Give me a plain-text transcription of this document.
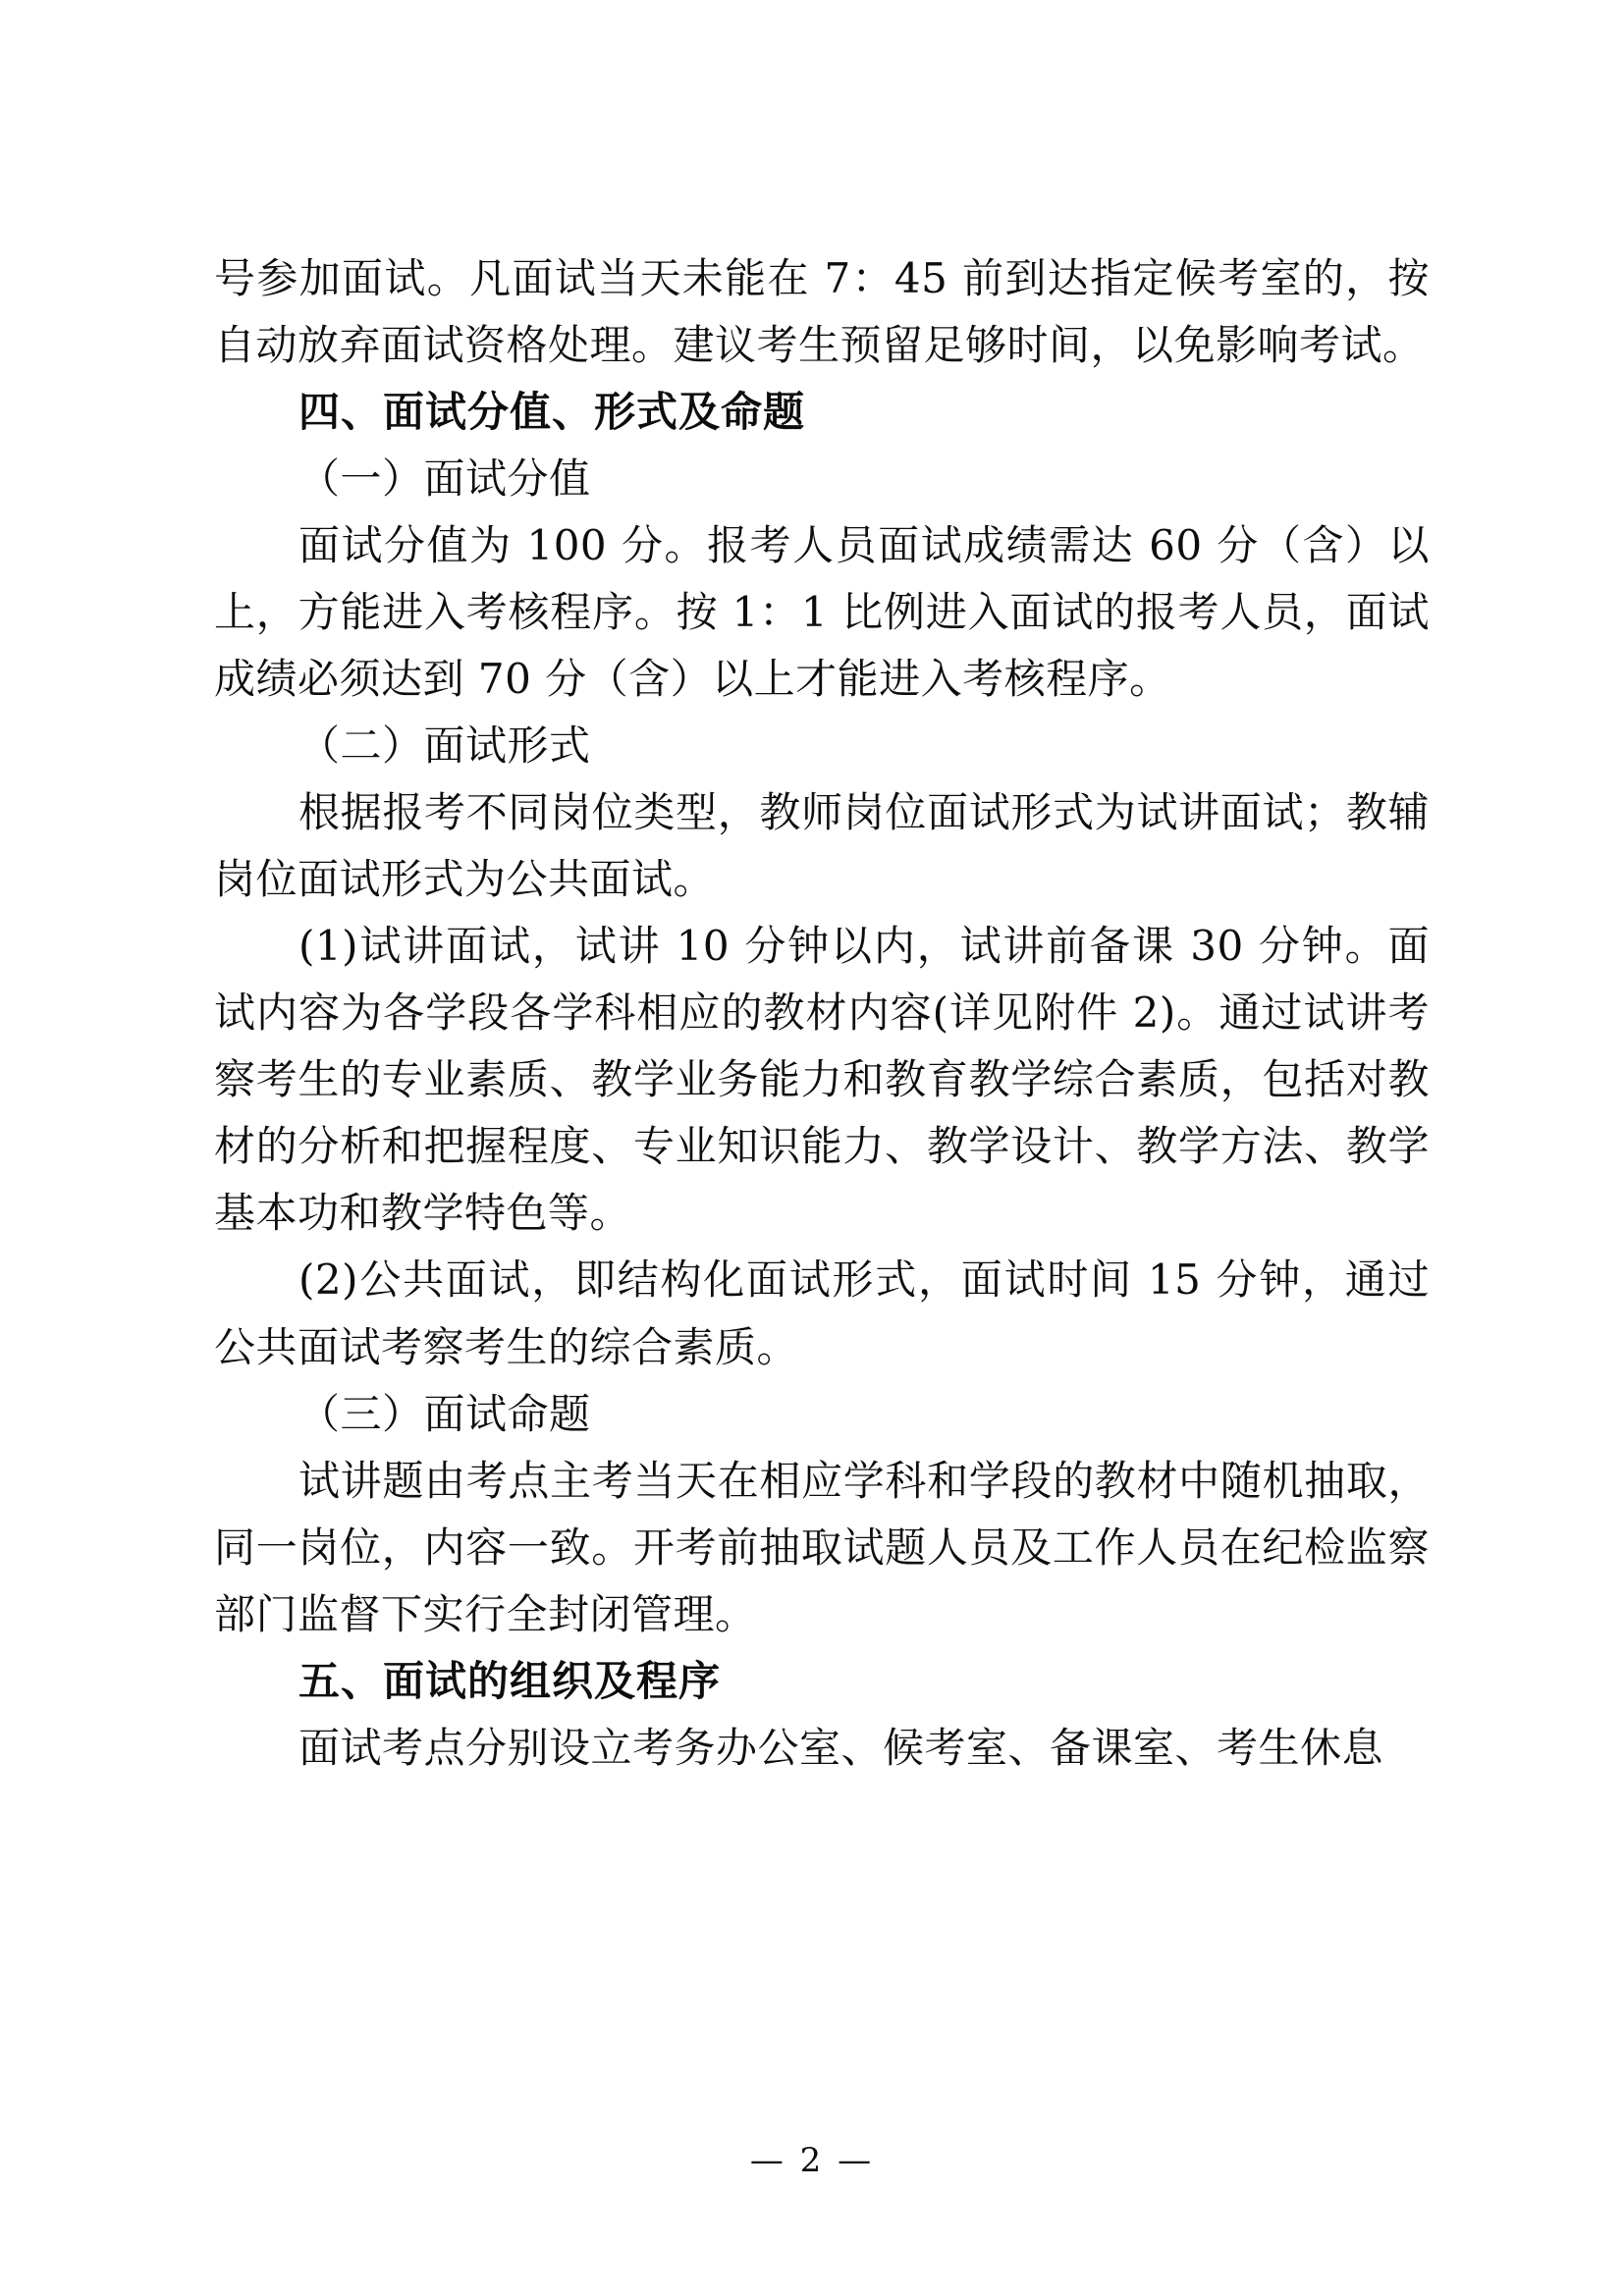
号参加面试。凡面试当天未能在 7：45 前到达指定候考室的，按自动放弃面试资格处理。建议考生预留足够时间，以免影响考试。

四、面试分值、形式及命题

（一）面试分值

面试分值为 100 分。报考人员面试成绩需达 60 分（含）以上，方能进入考核程序。按 1：1 比例进入面试的报考人员，面试成绩必须达到 70 分（含）以上才能进入考核程序。

（二）面试形式

根据报考不同岗位类型，教师岗位面试形式为试讲面试；教辅岗位面试形式为公共面试。

(1)试讲面试，试讲 10 分钟以内，试讲前备课 30 分钟。面试内容为各学段各学科相应的教材内容(详见附件 2)。通过试讲考察考生的专业素质、教学业务能力和教育教学综合素质，包括对教材的分析和把握程度、专业知识能力、教学设计、教学方法、教学基本功和教学特色等。

(2)公共面试，即结构化面试形式，面试时间 15 分钟，通过公共面试考察考生的综合素质。

（三）面试命题

试讲题由考点主考当天在相应学科和学段的教材中随机抽取，同一岗位，内容一致。开考前抽取试题人员及工作人员在纪检监察部门监督下实行全封闭管理。

五、面试的组织及程序

面试考点分别设立考务办公室、候考室、备课室、考生休息

— 2 —
